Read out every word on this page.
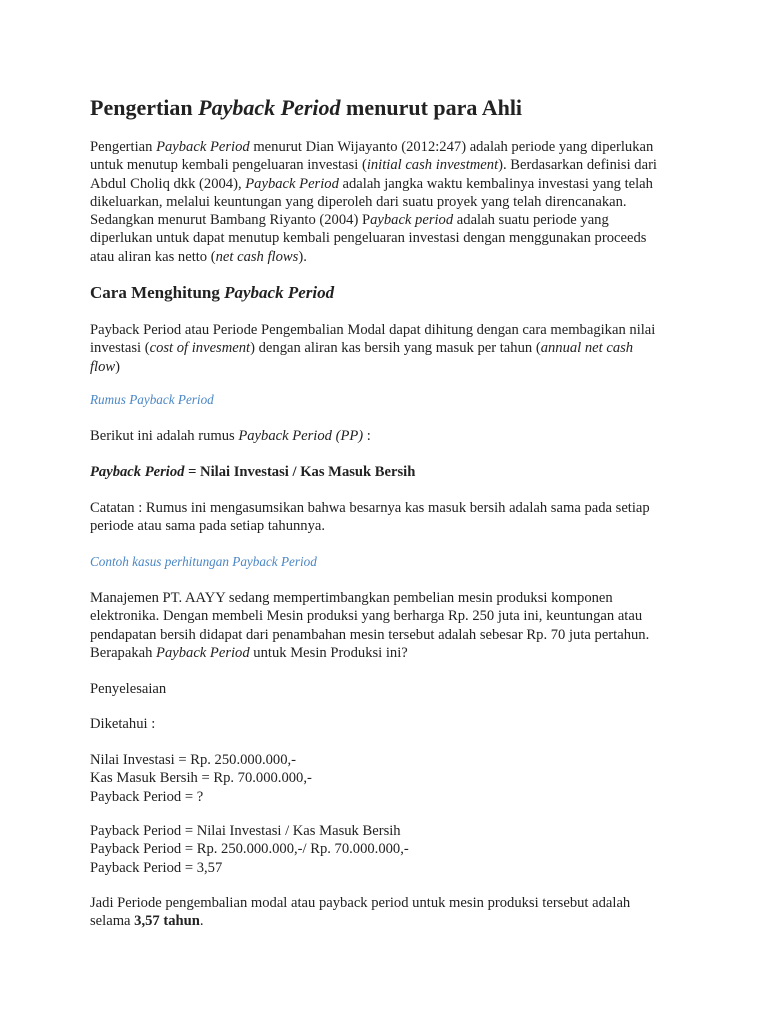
Pengertian Payback Period menurut para Ahli
Pengertian Payback Period menurut Dian Wijayanto (2012:247) adalah periode yang diperlukan
untuk menutup kembali pengeluaran investasi (initial cash investment). Berdasarkan definisi dari
Abdul Choliq dkk (2004), Payback Period adalah jangka waktu kembalinya investasi yang telah
dikeluarkan, melalui keuntungan yang diperoleh dari suatu proyek yang telah direncanakan.
Sedangkan menurut Bambang Riyanto (2004) Payback period adalah suatu periode yang
diperlukan untuk dapat menutup kembali pengeluaran investasi dengan menggunakan proceeds
atau aliran kas netto (net cash flows).
Cara Menghitung Payback Period
Payback Period atau Periode Pengembalian Modal dapat dihitung dengan cara membagikan nilai
investasi (cost of invesment) dengan aliran kas bersih yang masuk per tahun (annual net cash
flow)
Rumus Payback Period
Berikut ini adalah rumus Payback Period (PP) :
Payback Period = Nilai Investasi / Kas Masuk Bersih
Catatan : Rumus ini mengasumsikan bahwa besarnya kas masuk bersih adalah sama pada setiap
periode atau sama pada setiap tahunnya.
Contoh kasus perhitungan Payback Period
Manajemen PT. AAYY sedang mempertimbangkan pembelian mesin produksi komponen
elektronika. Dengan membeli Mesin produksi yang berharga Rp. 250 juta ini, keuntungan atau
pendapatan bersih didapat dari penambahan mesin tersebut adalah sebesar Rp. 70 juta pertahun.
Berapakah Payback Period untuk Mesin Produksi ini?
Penyelesaian
Diketahui :
Nilai Investasi = Rp. 250.000.000,-
Kas Masuk Bersih = Rp. 70.000.000,-
Payback Period = ?
Payback Period = Nilai Investasi / Kas Masuk Bersih
Payback Period = Rp. 250.000.000,-/ Rp. 70.000.000,-
Payback Period = 3,57
Jadi Periode pengembalian modal atau payback period untuk mesin produksi tersebut adalah
selama 3,57 tahun.
